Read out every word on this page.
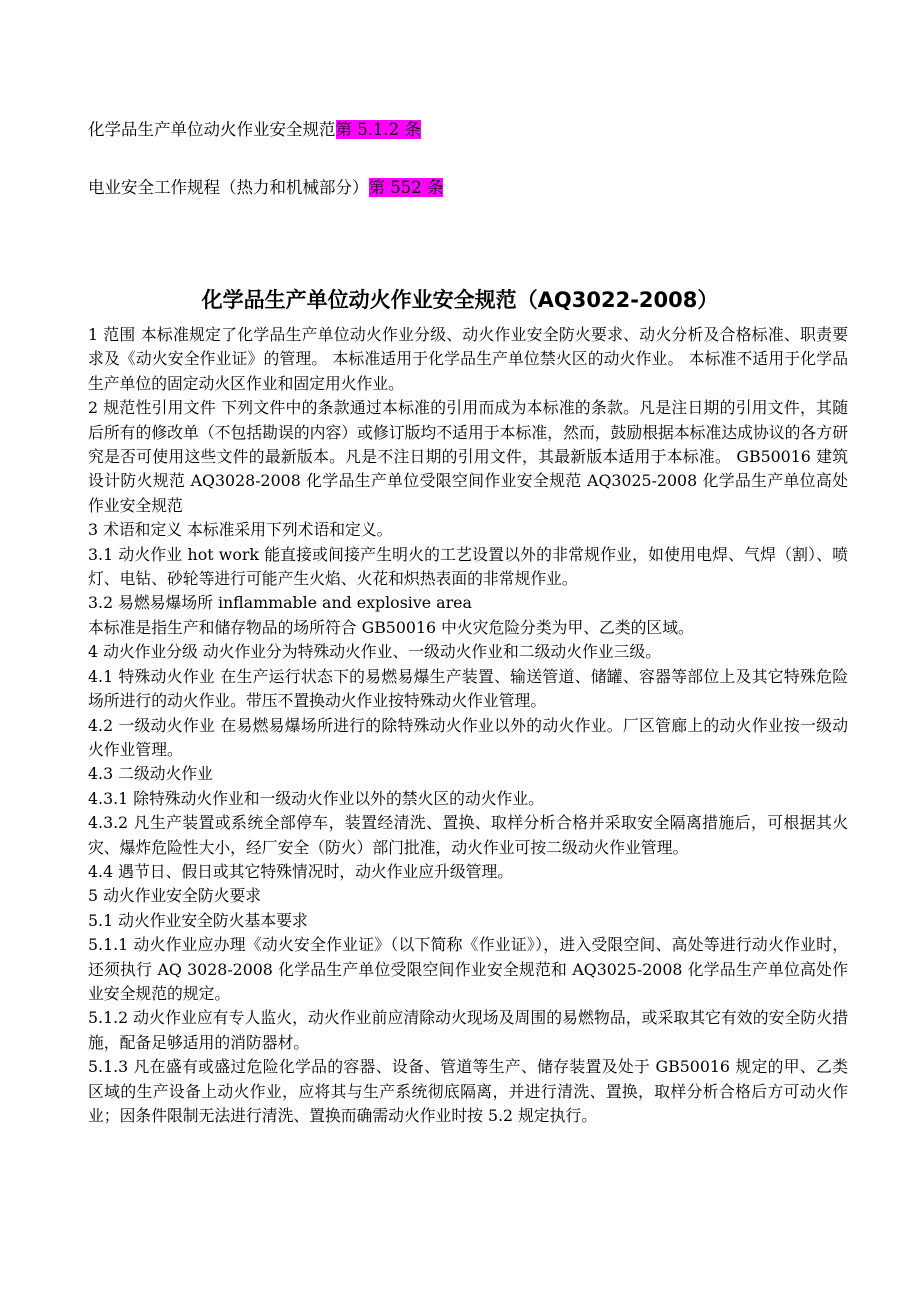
化学品生产单位动火作业安全规范第 5.1.2 条
电业安全工作规程（热力和机械部分）第 552 条
化学品生产单位动火作业安全规范（AQ3022-2008）
1 范围 本标准规定了化学品生产单位动火作业分级、动火作业安全防火要求、动火分析及合格标准、职责要求及《动火安全作业证》的管理。 本标准适用于化学品生产单位禁火区的动火作业。 本标准不适用于化学品生产单位的固定动火区作业和固定用火作业。
2 规范性引用文件 下列文件中的条款通过本标准的引用而成为本标准的条款。凡是注日期的引用文件，其随后所有的修改单（不包括勘误的内容）或修订版均不适用于本标准，然而，鼓励根据本标准达成协议的各方研究是否可使用这些文件的最新版本。凡是不注日期的引用文件，其最新版本适用于本标准。 GB50016 建筑设计防火规范 AQ3028-2008 化学品生产单位受限空间作业安全规范 AQ3025-2008 化学品生产单位高处作业安全规范
3 术语和定义 本标准采用下列术语和定义。
3.1 动火作业 hot work 能直接或间接产生明火的工艺设置以外的非常规作业，如使用电焊、气焊（割）、喷灯、电钻、砂轮等进行可能产生火焰、火花和炽热表面的非常规作业。
3.2 易燃易爆场所 inflammable and explosive area
本标准是指生产和储存物品的场所符合 GB50016 中火灾危险分类为甲、乙类的区域。
4 动火作业分级 动火作业分为特殊动火作业、一级动火作业和二级动火作业三级。
4.1 特殊动火作业 在生产运行状态下的易燃易爆生产装置、输送管道、储罐、容器等部位上及其它特殊危险场所进行的动火作业。带压不置换动火作业按特殊动火作业管理。
4.2 一级动火作业 在易燃易爆场所进行的除特殊动火作业以外的动火作业。厂区管廊上的动火作业按一级动火作业管理。
4.3 二级动火作业
4.3.1 除特殊动火作业和一级动火作业以外的禁火区的动火作业。
4.3.2 凡生产装置或系统全部停车，装置经清洗、置换、取样分析合格并采取安全隔离措施后，可根据其火灾、爆炸危险性大小，经厂安全（防火）部门批准，动火作业可按二级动火作业管理。
4.4 遇节日、假日或其它特殊情况时，动火作业应升级管理。
5 动火作业安全防火要求
5.1 动火作业安全防火基本要求
5.1.1 动火作业应办理《动火安全作业证》（以下简称《作业证》），进入受限空间、高处等进行动火作业时，还须执行 AQ 3028-2008 化学品生产单位受限空间作业安全规范和 AQ3025-2008 化学品生产单位高处作业安全规范的规定。
5.1.2 动火作业应有专人监火，动火作业前应清除动火现场及周围的易燃物品，或采取其它有效的安全防火措施，配备足够适用的消防器材。
5.1.3 凡在盛有或盛过危险化学品的容器、设备、管道等生产、储存装置及处于 GB50016 规定的甲、乙类区域的生产设备上动火作业，应将其与生产系统彻底隔离，并进行清洗、置换，取样分析合格后方可动火作业；因条件限制无法进行清洗、置换而确需动火作业时按 5.2 规定执行。
